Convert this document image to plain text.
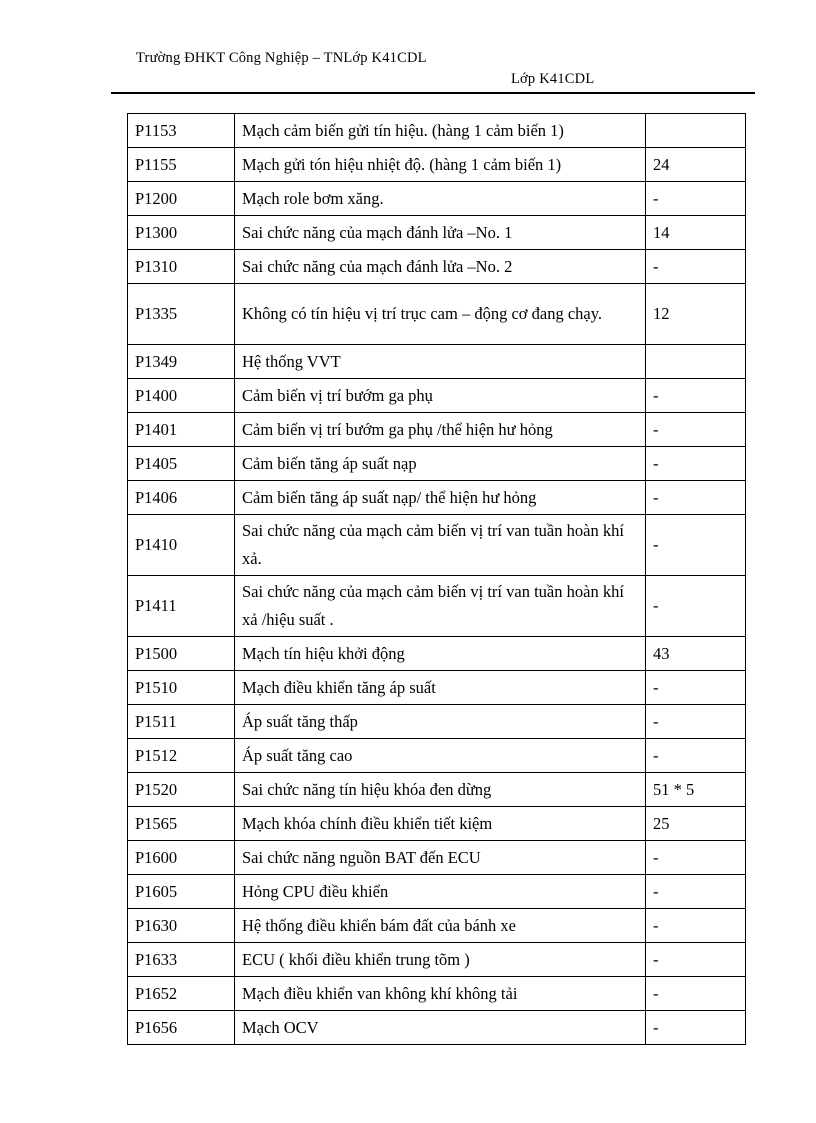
Trường ĐHKT Công Nghiệp – TNLớp K41CDL
Lớp K41CDL
P1153	Mạch cảm biến gửi tín hiệu. (hàng 1 cảm biến 1)	
P1155	Mạch gửi tón hiệu nhiệt độ. (hàng 1 cảm biến 1)	24
P1200	Mạch role bơm xăng.	-
P1300	Sai chức năng của mạch đánh lửa –No. 1	14
P1310	Sai chức năng của mạch đánh lửa –No. 2	-
P1335	Không có tín hiệu vị trí trục cam – động cơ đang chạy.	12
P1349	Hệ thống VVT	
P1400	Cảm biến vị trí bướm ga phụ	-
P1401	Cảm biến vị trí bướm ga phụ /thể hiện hư hỏng	-
P1405	Cảm biến tăng áp suất nạp	-
P1406	Cảm biến tăng áp suất nạp/ thể hiện hư hỏng	-
P1410	Sai chức năng của mạch cảm biến vị trí van tuần hoàn khí xả.	-
P1411	Sai chức năng của mạch cảm biến vị trí van tuần hoàn khí xả /hiệu suất .	-
P1500	Mạch tín hiệu khởi động	43
P1510	Mạch điều khiển tăng áp suất	-
P1511	Áp suất tăng thấp	-
P1512	Áp suất tăng cao	-
P1520	Sai chức năng tín hiệu khóa đen dừng	51 * 5
P1565	Mạch khóa chính điều khiển tiết kiệm	25
P1600	Sai chức năng nguồn BAT đến ECU	-
P1605	Hỏng CPU điều khiển	-
P1630	Hệ thống điều khiển bám đất của bánh xe	-
P1633	ECU ( khối điều khiển trung tõm )	-
P1652	Mạch điều khiển van không khí không tải	-
P1656	Mạch OCV	-
